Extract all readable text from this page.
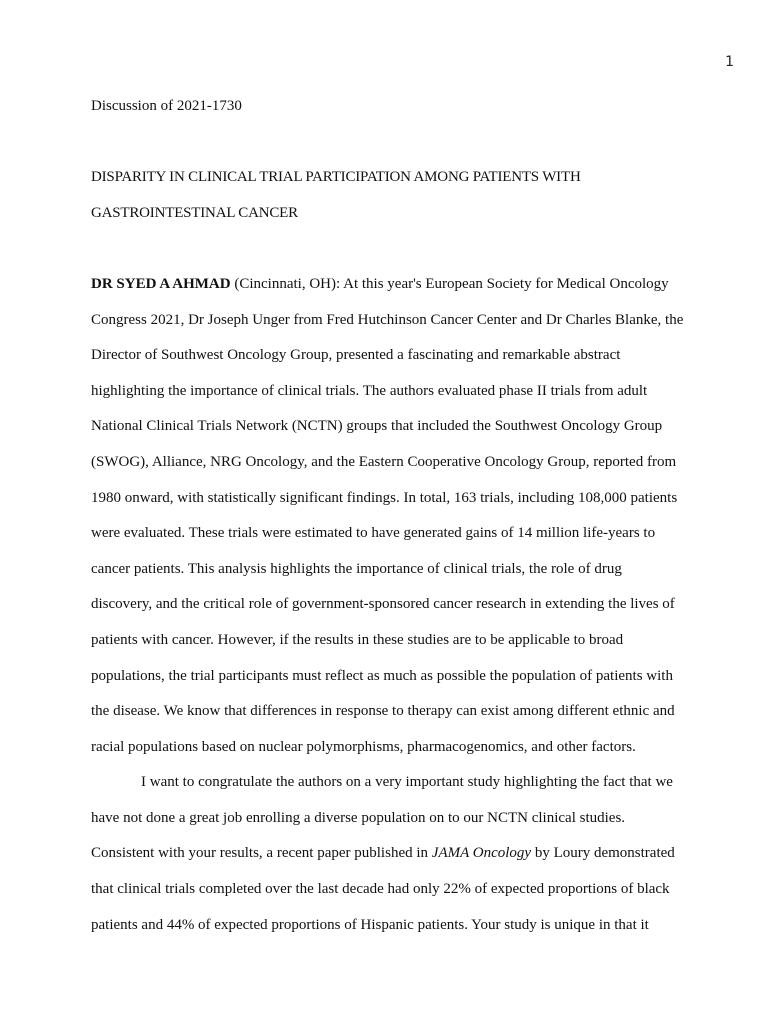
1

Discussion of 2021-1730

DISPARITY IN CLINICAL TRIAL PARTICIPATION AMONG PATIENTS WITH

GASTROINTESTINAL CANCER

DR SYED A AHMAD (Cincinnati, OH): At this year's European Society for Medical Oncology Congress 2021, Dr Joseph Unger from Fred Hutchinson Cancer Center and Dr Charles Blanke, the Director of Southwest Oncology Group, presented a fascinating and remarkable abstract highlighting the importance of clinical trials. The authors evaluated phase II trials from adult National Clinical Trials Network (NCTN) groups that included the Southwest Oncology Group (SWOG), Alliance, NRG Oncology, and the Eastern Cooperative Oncology Group, reported from 1980 onward, with statistically significant findings. In total, 163 trials, including 108,000 patients were evaluated. These trials were estimated to have generated gains of 14 million life-years to cancer patients. This analysis highlights the importance of clinical trials, the role of drug discovery, and the critical role of government-sponsored cancer research in extending the lives of patients with cancer. However, if the results in these studies are to be applicable to broad populations, the trial participants must reflect as much as possible the population of patients with the disease. We know that differences in response to therapy can exist among different ethnic and racial populations based on nuclear polymorphisms, pharmacogenomics, and other factors.

I want to congratulate the authors on a very important study highlighting the fact that we have not done a great job enrolling a diverse population on to our NCTN clinical studies. Consistent with your results, a recent paper published in JAMA Oncology by Loury demonstrated that clinical trials completed over the last decade had only 22% of expected proportions of black patients and 44% of expected proportions of Hispanic patients. Your study is unique in that it
